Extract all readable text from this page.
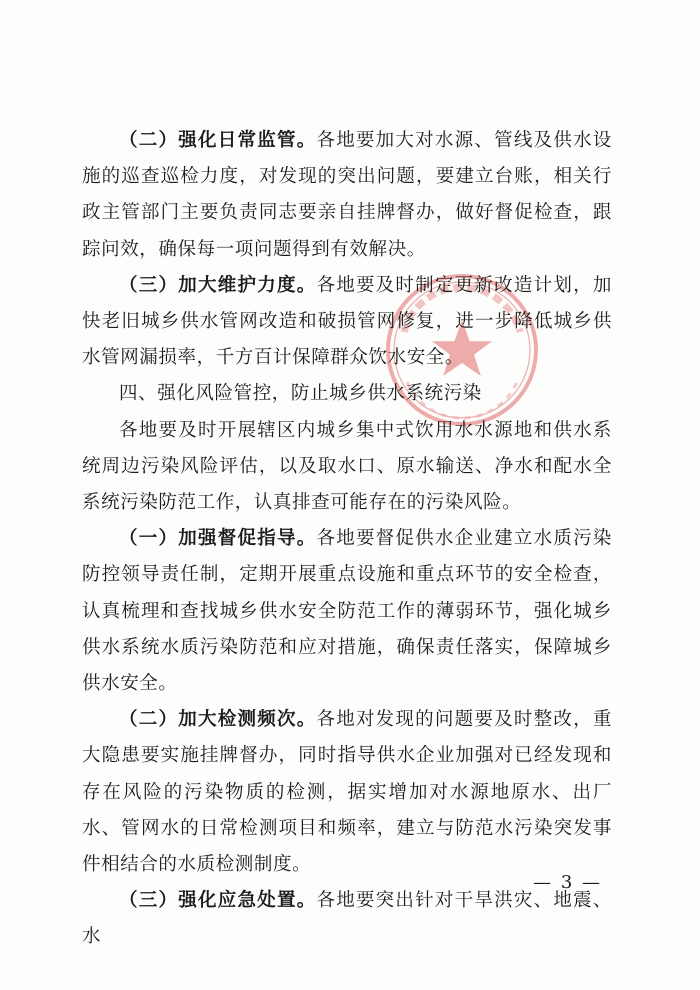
（二）强化日常监管。各地要加大对水源、管线及供水设施的巡查巡检力度，对发现的突出问题，要建立台账，相关行政主管部门主要负责同志要亲自挂牌督办，做好督促检查，跟踪问效，确保每一项问题得到有效解决。

（三）加大维护力度。各地要及时制定更新改造计划，加快老旧城乡供水管网改造和破损管网修复，进一步降低城乡供水管网漏损率，千方百计保障群众饮水安全。

四、强化风险管控，防止城乡供水系统污染

各地要及时开展辖区内城乡集中式饮用水水源地和供水系统周边污染风险评估，以及取水口、原水输送、净水和配水全系统污染防范工作，认真排查可能存在的污染风险。

（一）加强督促指导。各地要督促供水企业建立水质污染防控领导责任制，定期开展重点设施和重点环节的安全检查，认真梳理和查找城乡供水安全防范工作的薄弱环节，强化城乡供水系统水质污染防范和应对措施，确保责任落实，保障城乡供水安全。

（二）加大检测频次。各地对发现的问题要及时整改，重大隐患要实施挂牌督办，同时指导供水企业加强对已经发现和存在风险的污染物质的检测，据实增加对水源地原水、出厂水、管网水的日常检测项目和频率，建立与防范水污染突发事件相结合的水质检测制度。

（三）强化应急处置。各地要突出针对干旱洪灾、地震、水

— 3 —
